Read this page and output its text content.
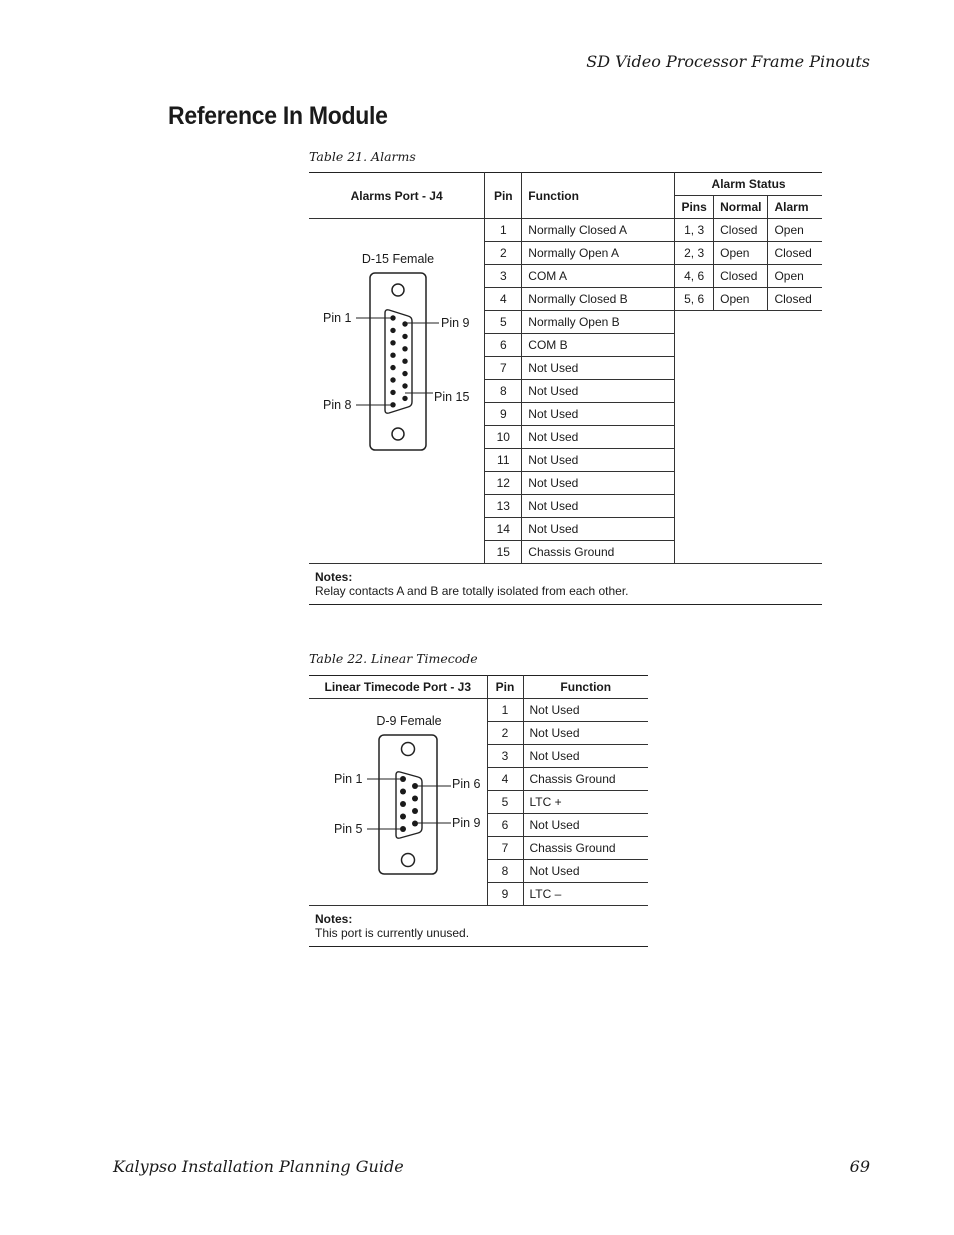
SD Video Processor Frame Pinouts
Reference In Module
Table 21. Alarms
Alarms Port - J4	Pin	Function	Alarm Status		
			Pins	Normal	Alarm
	1	Normally Closed A	1, 3	Closed	Open
	2	Normally Open A	2, 3	Open	Closed
	3	COM A	4, 6	Closed	Open
	4	Normally Closed B	5, 6	Open	Closed
	5	Normally Open B			
	6	COM B			
	7	Not Used			
	8	Not Used			
	9	Not Used			
	10	Not Used			
	11	Not Used			
	12	Not Used			
	13	Not Used			
	14	Not Used			
	15	Chassis Ground			

Notes:
Relay contacts A and B are totally isolated from each other.					
D-15 Female
Pin 1
Pin 8
Pin 9
Pin 15
Table 22. Linear Timecode
Linear Timecode Port - J3	Pin	Function
	1	Not Used
	2	Not Used
	3	Not Used
	4	Chassis Ground
	5	LTC +
	6	Not Used
	7	Chassis Ground
	8	Not Used
	9	LTC –

Notes:
This port is currently unused.		
D-9 Female
Pin 1
Pin 5
Pin 6
Pin 9
Kalypso Installation Planning Guide	69
